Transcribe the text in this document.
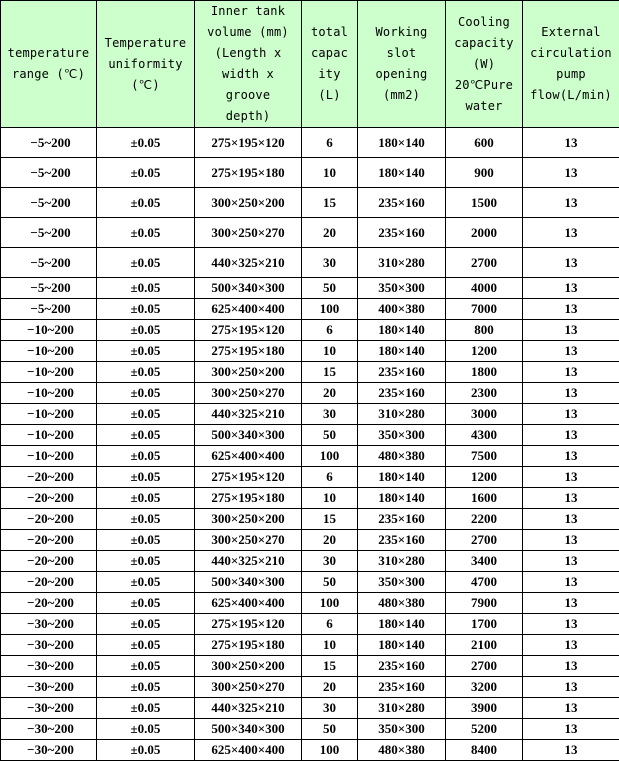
temperature
range (℃)	Temperature
uniformity
(℃)	Inner tank
volume (mm)
(Length x
width x groove
depth)	total
capac
ity
(L)	Working
slot
opening
(mm2)	Cooling
capacity
(W)
20℃Pure
water	External
circulation
pump
flow(L/min)
−5~200	±0.05	275×195×120	6	180×140	600	13
−5~200	±0.05	275×195×180	10	180×140	900	13
−5~200	±0.05	300×250×200	15	235×160	1500	13
−5~200	±0.05	300×250×270	20	235×160	2000	13
−5~200	±0.05	440×325×210	30	310×280	2700	13
−5~200	±0.05	500×340×300	50	350×300	4000	13
−5~200	±0.05	625×400×400	100	400×380	7000	13
−10~200	±0.05	275×195×120	6	180×140	800	13
−10~200	±0.05	275×195×180	10	180×140	1200	13
−10~200	±0.05	300×250×200	15	235×160	1800	13
−10~200	±0.05	300×250×270	20	235×160	2300	13
−10~200	±0.05	440×325×210	30	310×280	3000	13
−10~200	±0.05	500×340×300	50	350×300	4300	13
−10~200	±0.05	625×400×400	100	480×380	7500	13
−20~200	±0.05	275×195×120	6	180×140	1200	13
−20~200	±0.05	275×195×180	10	180×140	1600	13
−20~200	±0.05	300×250×200	15	235×160	2200	13
−20~200	±0.05	300×250×270	20	235×160	2700	13
−20~200	±0.05	440×325×210	30	310×280	3400	13
−20~200	±0.05	500×340×300	50	350×300	4700	13
−20~200	±0.05	625×400×400	100	480×380	7900	13
−30~200	±0.05	275×195×120	6	180×140	1700	13
−30~200	±0.05	275×195×180	10	180×140	2100	13
−30~200	±0.05	300×250×200	15	235×160	2700	13
−30~200	±0.05	300×250×270	20	235×160	3200	13
−30~200	±0.05	440×325×210	30	310×280	3900	13
−30~200	±0.05	500×340×300	50	350×300	5200	13
−30~200	±0.05	625×400×400	100	480×380	8400	13
